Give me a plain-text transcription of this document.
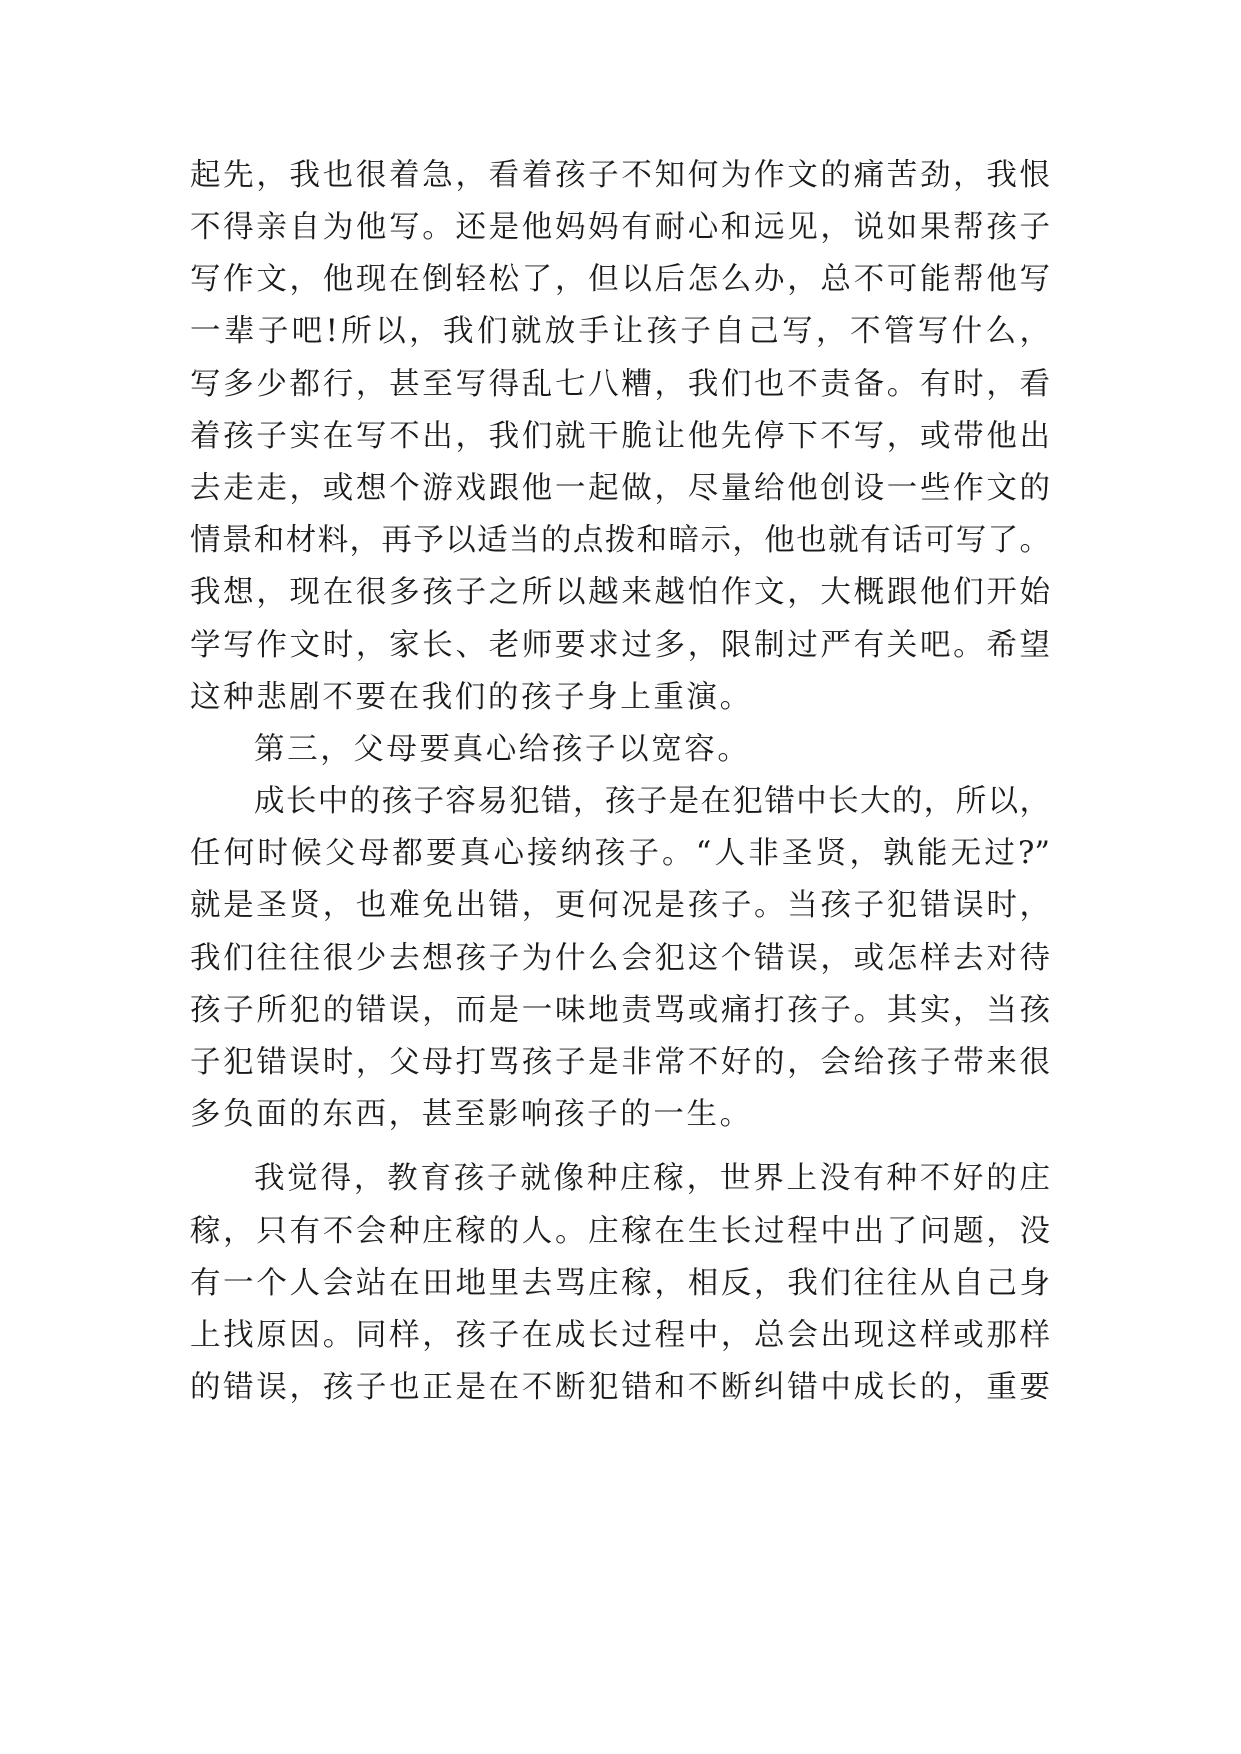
起先，我也很着急，看着孩子不知何为作文的痛苦劲，我恨
不得亲自为他写。还是他妈妈有耐心和远见，说如果帮孩子
写作文，他现在倒轻松了，但以后怎么办，总不可能帮他写
一辈子吧!所以，我们就放手让孩子自己写，不管写什么，
写多少都行，甚至写得乱七八糟，我们也不责备。有时，看
着孩子实在写不出，我们就干脆让他先停下不写，或带他出
去走走，或想个游戏跟他一起做，尽量给他创设一些作文的
情景和材料，再予以适当的点拨和暗示，他也就有话可写了。
我想，现在很多孩子之所以越来越怕作文，大概跟他们开始
学写作文时，家长、老师要求过多，限制过严有关吧。希望
这种悲剧不要在我们的孩子身上重演。
第三，父母要真心给孩子以宽容。
成长中的孩子容易犯错，孩子是在犯错中长大的，所以，
任何时候父母都要真心接纳孩子。“人非圣贤，孰能无过?”
就是圣贤，也难免出错，更何况是孩子。当孩子犯错误时，
我们往往很少去想孩子为什么会犯这个错误，或怎样去对待
孩子所犯的错误，而是一味地责骂或痛打孩子。其实，当孩
子犯错误时，父母打骂孩子是非常不好的，会给孩子带来很
多负面的东西，甚至影响孩子的一生。
我觉得，教育孩子就像种庄稼，世界上没有种不好的庄
稼，只有不会种庄稼的人。庄稼在生长过程中出了问题，没
有一个人会站在田地里去骂庄稼，相反，我们往往从自己身
上找原因。同样，孩子在成长过程中，总会出现这样或那样
的错误，孩子也正是在不断犯错和不断纠错中成长的，重要
